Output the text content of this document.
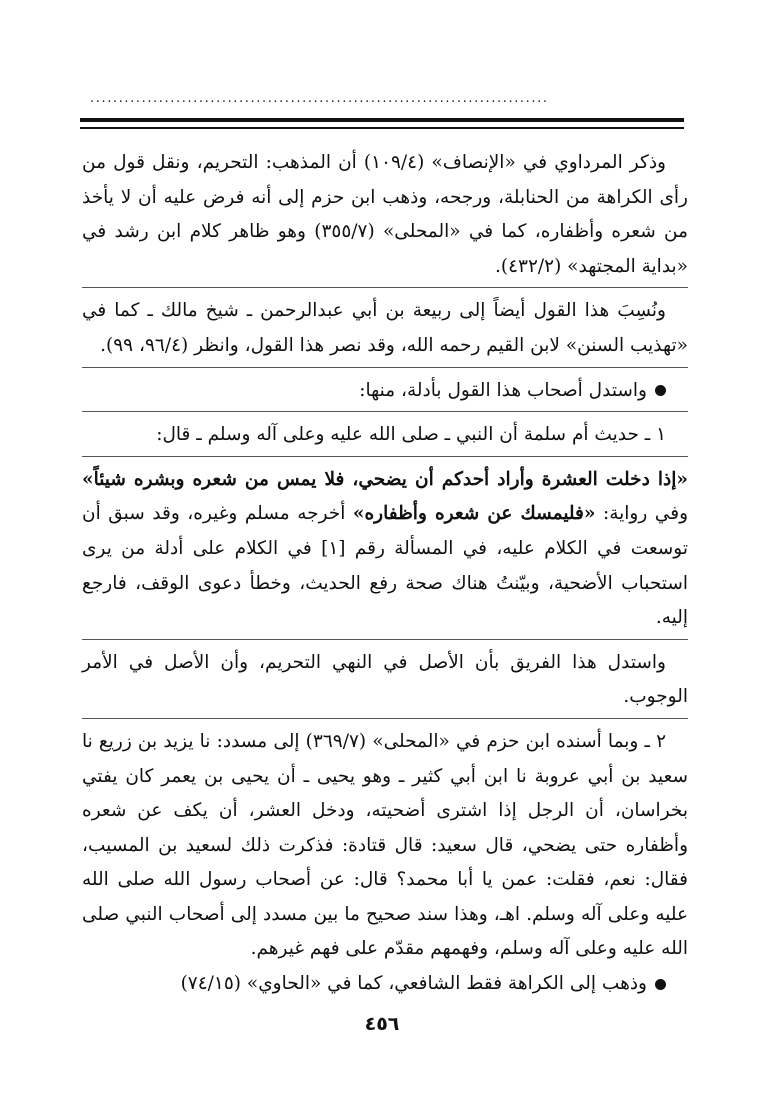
................................................................................

وذكر المرداوي في «الإنصاف» (١٠٩/٤) أن المذهب: التحريم، ونقل قول من رأى الكراهة من الحنابلة، ورجحه، وذهب ابن حزم إلى أنه فرض عليه أن لا يأخذ من شعره وأظفاره، كما في «المحلى» (٣٥٥/٧) وهو ظاهر كلام ابن رشد في «بداية المجتهد» (٤٣٢/٢).

ونُسِبَ هذا القول أيضاً إلى ربيعة بن أبي عبدالرحمن ـ شيخ مالك ـ كما في «تهذيب السنن» لابن القيم رحمه الله، وقد نصر هذا القول، وانظر (٩٦/٤، ٩٩).

واستدل أصحاب هذا القول بأدلة، منها:

١ ـ حديث أم سلمة أن النبي ـ صلى الله عليه وعلى آله وسلم ـ قال:

«إذا دخلت العشرة وأراد أحدكم أن يضحي، فلا يمس من شعره وبشره شيئاً» وفي رواية: «فليمسك عن شعره وأظفاره» أخرجه مسلم وغيره، وقد سبق أن توسعت في الكلام عليه، في المسألة رقم [١] في الكلام على أدلة من يرى استحباب الأضحية، وبيّنتُ هناك صحة رفع الحديث، وخطأ دعوى الوقف، فارجع إليه.

واستدل هذا الفريق بأن الأصل في النهي التحريم، وأن الأصل في الأمر الوجوب.

٢ ـ وبما أسنده ابن حزم في «المحلى» (٣٦٩/٧) إلى مسدد: نا يزيد بن زريع نا سعيد بن أبي عروبة نا ابن أبي كثير ـ وهو يحيى ـ أن يحيى بن يعمر كان يفتي بخراسان، أن الرجل إذا اشترى أضحيته، ودخل العشر، أن يكف عن شعره وأظفاره حتى يضحي، قال سعيد: قال قتادة: فذكرت ذلك لسعيد بن المسيب، فقال: نعم، فقلت: عمن يا أبا محمد؟ قال: عن أصحاب رسول الله صلى الله عليه وعلى آله وسلم. اهـ، وهذا سند صحيح ما بين مسدد إلى أصحاب النبي صلى الله عليه وعلى آله وسلم، وفهمهم مقدّم على فهم غيرهم.

وذهب إلى الكراهة فقط الشافعي، كما في «الحاوي» (٧٤/١٥)

٤٥٦
